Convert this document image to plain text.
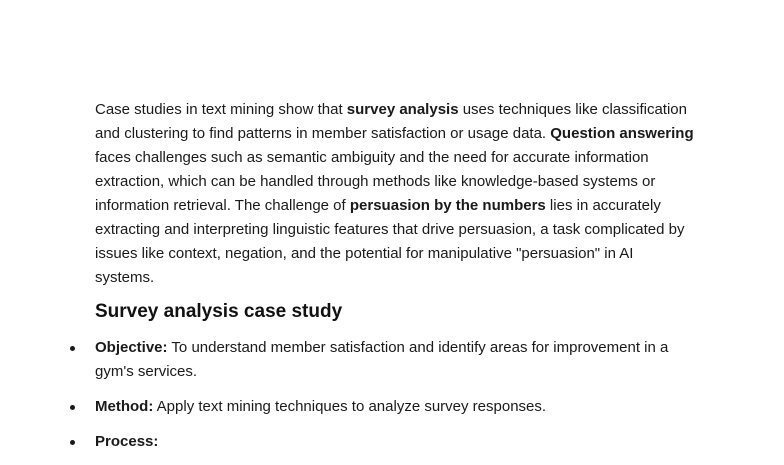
Case studies in text mining show that survey analysis uses techniques like classification and clustering to find patterns in member satisfaction or usage data. Question answering faces challenges such as semantic ambiguity and the need for accurate information extraction, which can be handled through methods like knowledge-based systems or information retrieval. The challenge of persuasion by the numbers lies in accurately extracting and interpreting linguistic features that drive persuasion, a task complicated by issues like context, negation, and the potential for manipulative "persuasion" in AI systems.

Survey analysis case study
Objective: To understand member satisfaction and identify areas for improvement in a gym's services.
Method: Apply text mining techniques to analyze survey responses.
Process:
